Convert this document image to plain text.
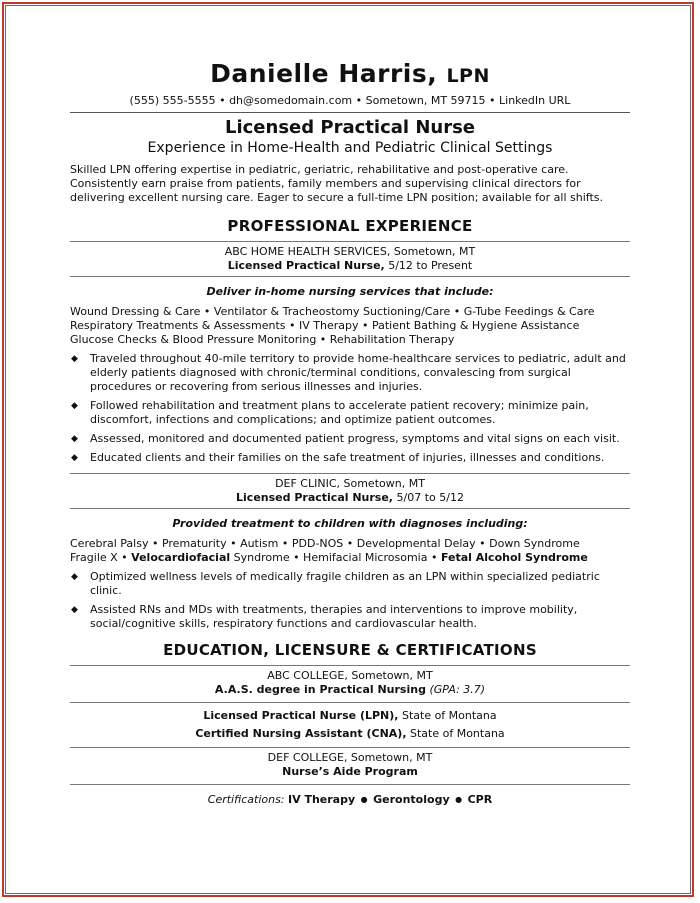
Danielle Harris, LPN
(555) 555-5555 • dh@somedomain.com • Sometown, MT 59715 • LinkedIn URL
Licensed Practical Nurse
Experience in Home-Health and Pediatric Clinical Settings
Skilled LPN offering expertise in pediatric, geriatric, rehabilitative and post-operative care. Consistently earn praise from patients, family members and supervising clinical directors for delivering excellent nursing care. Eager to secure a full-time LPN position; available for all shifts.
PROFESSIONAL EXPERIENCE
ABC HOME HEALTH SERVICES, Sometown, MT
Licensed Practical Nurse, 5/12 to Present
Deliver in-home nursing services that include:
Wound Dressing & Care • Ventilator & Tracheostomy Suctioning/Care • G-Tube Feedings & Care
Respiratory Treatments & Assessments • IV Therapy • Patient Bathing & Hygiene Assistance
Glucose Checks & Blood Pressure Monitoring • Rehabilitation Therapy
◆ Traveled throughout 40-mile territory to provide home-healthcare services to pediatric, adult and elderly patients diagnosed with chronic/terminal conditions, convalescing from surgical procedures or recovering from serious illnesses and injuries.
◆ Followed rehabilitation and treatment plans to accelerate patient recovery; minimize pain, discomfort, infections and complications; and optimize patient outcomes.
◆ Assessed, monitored and documented patient progress, symptoms and vital signs on each visit.
◆ Educated clients and their families on the safe treatment of injuries, illnesses and conditions.
DEF CLINIC, Sometown, MT
Licensed Practical Nurse, 5/07 to 5/12
Provided treatment to children with diagnoses including:
Cerebral Palsy • Prematurity • Autism • PDD-NOS • Developmental Delay • Down Syndrome
Fragile X • Velocardiofacial Syndrome • Hemifacial Microsomia • Fetal Alcohol Syndrome
◆ Optimized wellness levels of medically fragile children as an LPN within specialized pediatric clinic.
◆ Assisted RNs and MDs with treatments, therapies and interventions to improve mobility, social/cognitive skills, respiratory functions and cardiovascular health.
EDUCATION, LICENSURE & CERTIFICATIONS
ABC COLLEGE, Sometown, MT
A.A.S. degree in Practical Nursing (GPA: 3.7)
Licensed Practical Nurse (LPN), State of Montana
Certified Nursing Assistant (CNA), State of Montana
DEF COLLEGE, Sometown, MT
Nurse’s Aide Program
Certifications: IV Therapy ● Gerontology ● CPR
